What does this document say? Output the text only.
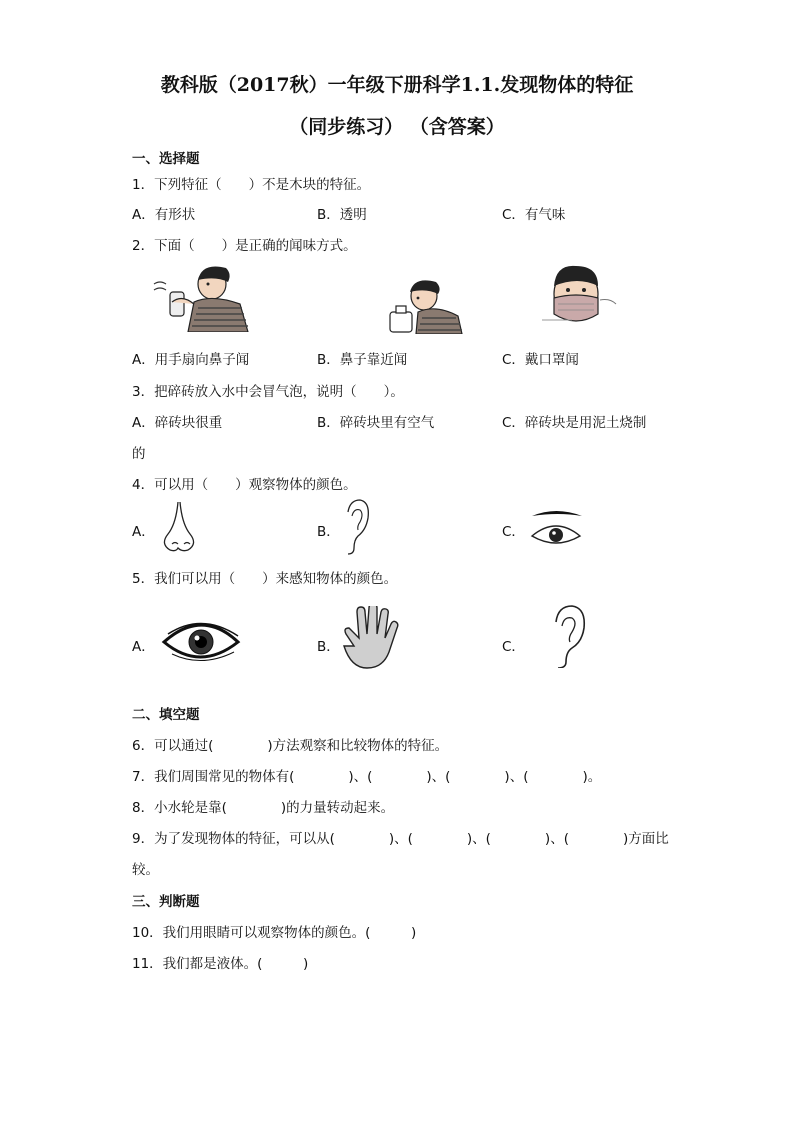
教科版（2017秋）一年级下册科学1.1.发现物体的特征
（同步练习） （含答案）
一、选择题
1．下列特征（　　）不是木块的特征。
A．有形状	B．透明	C．有气味
2．下面（　　）是正确的闻味方式。
A．用手扇向鼻子闻	B．鼻子靠近闻	C．戴口罩闻
3．把碎砖放入水中会冒气泡，说明（　　）。
A．碎砖块很重	B．碎砖块里有空气	C．碎砖块是用泥土烧制
的
4．可以用（　　）观察物体的颜色。
A．	B．	C．
5．我们可以用（　　）来感知物体的颜色。
A．	B．	C．
二、填空题
6．可以通过(　　　　)方法观察和比较物体的特征。
7．我们周围常见的物体有(　　　　)、(　　　　)、(　　　　)、(　　　　)。
8．小水轮是靠(　　　　)的力量转动起来。
9．为了发现物体的特征，可以从(　　　　)、(　　　　)、(　　　　)、(　　　　)方面比
较。
三、判断题
10．我们用眼睛可以观察物体的颜色。(　　　)
11．我们都是液体。(　　　)
